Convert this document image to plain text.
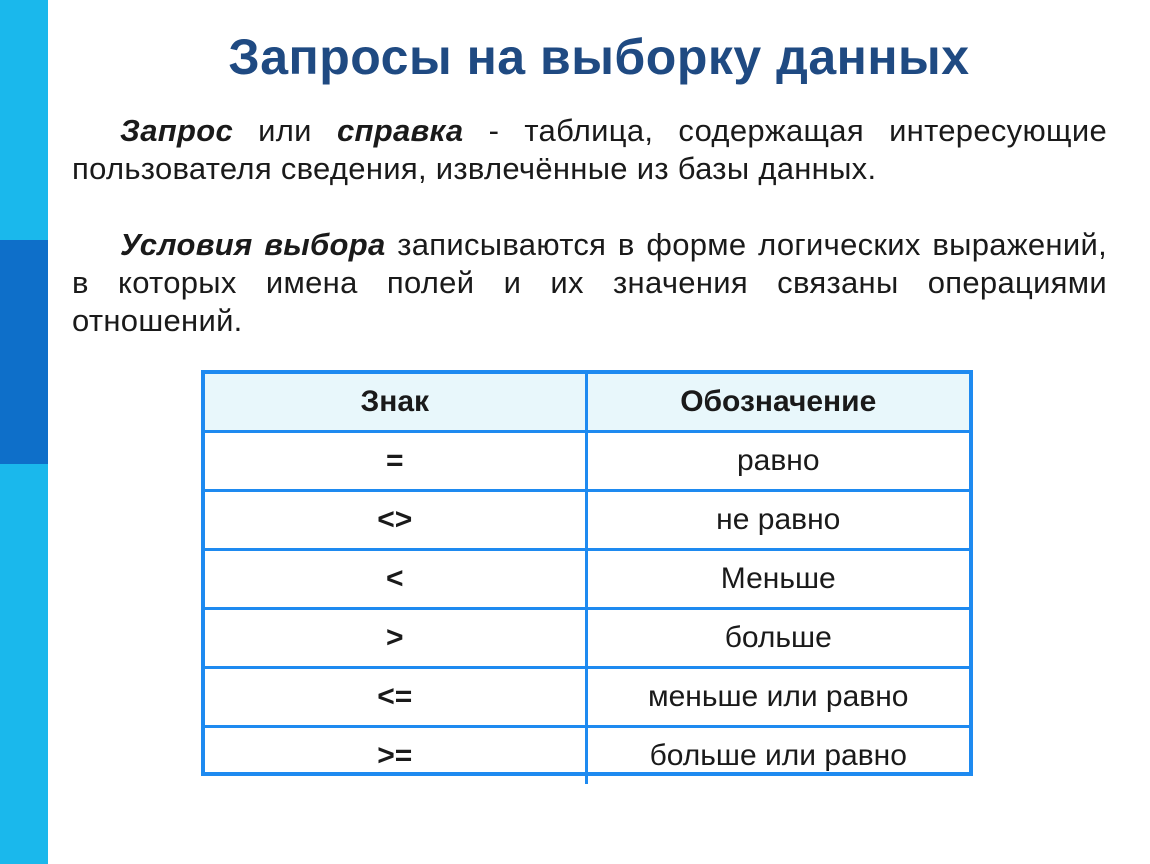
Запросы на выборку данных
Запрос или справка - таблица, содержащая интересующие пользователя сведения, извлечённые из базы данных.
Условия выбора записываются в форме логических выражений, в которых имена полей и их значения связаны операциями отношений.
Знак	Обозначение
=	равно
<>	не равно
<	Меньше
>	больше
<=	меньше или равно
>=	больше или равно
